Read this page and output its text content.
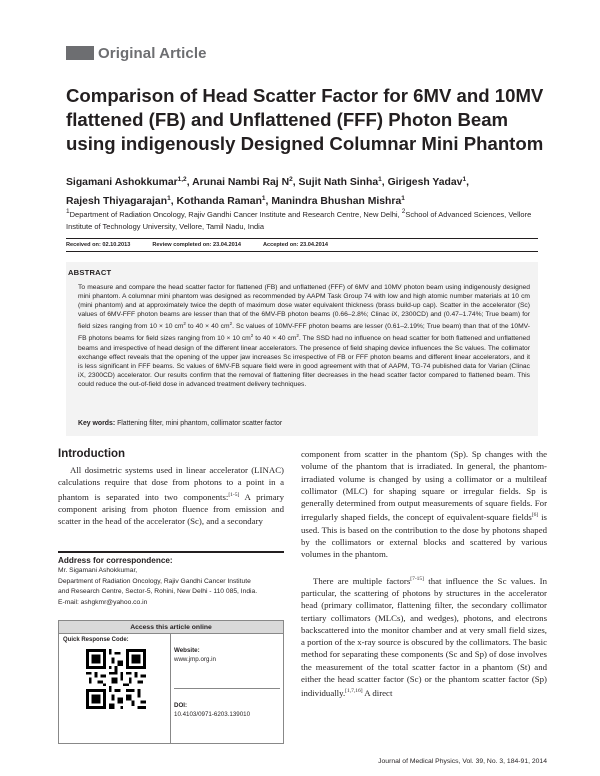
Original Article
Comparison of Head Scatter Factor for 6MV and 10MV flattened (FB) and Unflattened (FFF) Photon Beam using indigenously Designed Columnar Mini Phantom
Sigamani Ashokkumar$^{1,2}$, Arunai Nambi Raj $N^2$, Sujit Nath Sinha$^1$, Girigesh Yadav$^1$,
Rajesh Thiyagarajan$^1$, Kothanda Raman$^1$, Manindra Bhushan Mishra$^1$
$^1$Department of Radiation Oncology, Rajiv Gandhi Cancer Institute and Research Centre, New Delhi, $^2$School of Advanced Sciences, Vellore Institute of Technology University, Vellore, Tamil Nadu, India
Received on: 02.10.2013	Review completed on: 23.04.2014	Accepted on: 23.04.2014
ABSTRACT
To measure and compare the head scatter factor for flattened (FB) and unflattened (FFF) of 6MV and 10MV photon beam using indigenously designed mini phantom. A columnar mini phantom was designed as recommended by AAPM Task Group 74 with low and high atomic number materials at 10 cm (mini phantom) and at approximately twice the depth of maximum dose water equivalent thickness (brass build-up cap). Scatter in the accelerator (Sc) values of 6MV-FFF photon beams are lesser than that of the 6MV-FB photon beams (0.66–2.8%; Clinac iX, 2300CD) and (0.47–1.74%; True beam) for field sizes ranging from 10 × 10 $cm^2$ to 40 × 40 $cm^2$. Sc values of 10MV-FFF photon beams are lesser (0.61–2.19%; True beam) than that of the 10MV-FB photons beams for field sizes ranging from 10 × 10 $cm^2$ to 40 × 40 $cm^2$. The SSD had no influence on head scatter for both flattened and unflattened beams and irrespective of head design of the different linear accelerators. The presence of field shaping device influences the Sc values. The collimator exchange effect reveals that the opening of the upper jaw increases Sc irrespective of FB or FFF photon beams and different linear accelerators, and it is less significant in FFF beams. Sc values of 6MV-FB square field were in good agreement with that of AAPM, TG-74 published data for Varian (Clinac iX, 2300CD) accelerator. Our results confirm that the removal of flattening filter decreases in the head scatter factor compared to flattened beam. This could reduce the out-of-field dose in advanced treatment delivery techniques.
Key words: Flattening filter, mini phantom, collimator scatter factor
Introduction

All dosimetric systems used in linear accelerator (LINAC) calculations require that dose from photons to a point in a phantom is separated into two components:[1-5] A primary component arising from photon fluence from emission and scatter in the head of the accelerator (Sc), and a secondary

Address for correspondence:
Mr. Sigamani Ashokkumar,
Department of Radiation Oncology, Rajiv Gandhi Cancer Institute
and Research Centre, Sector-5, Rohini, New Delhi - 110 085, India.
E-mail: ashgkmr@yahoo.co.in
Access this article online
Quick Response Code:
Website:
www.jmp.org.in
DOI:
10.4103/0971-6203.139010

component from scatter in the phantom (Sp). Sp changes with the volume of the phantom that is irradiated. In general, the phantom-irradiated volume is changed by using a collimator or a multileaf collimator (MLC) for shaping square or irregular fields. Sp is generally determined from output measurements of square fields. For irregularly shaped fields, the concept of equivalent-square fields[6] is used. This is based on the contribution to the dose by photons shaped by the collimators or external blocks and scattered by various volumes in the phantom.

There are multiple factors[7-15] that influence the Sc values. In particular, the scattering of photons by structures in the accelerator head (primary collimator, flattening filter, the secondary collimator tertiary collimators (MLCs), and wedges), photons, and electrons backscattered into the monitor chamber and at very small field sizes, a portion of the x-ray source is obscured by the collimators. The basic method for separating these components (Sc and Sp) of dose involves the measurement of the total scatter factor in a phantom (St) and either the head scatter factor (Sc) or the phantom scatter factor (Sp) individually.[1,7,16] A direct

Journal of Medical Physics, Vol. 39, No. 3, 184-91, 2014
